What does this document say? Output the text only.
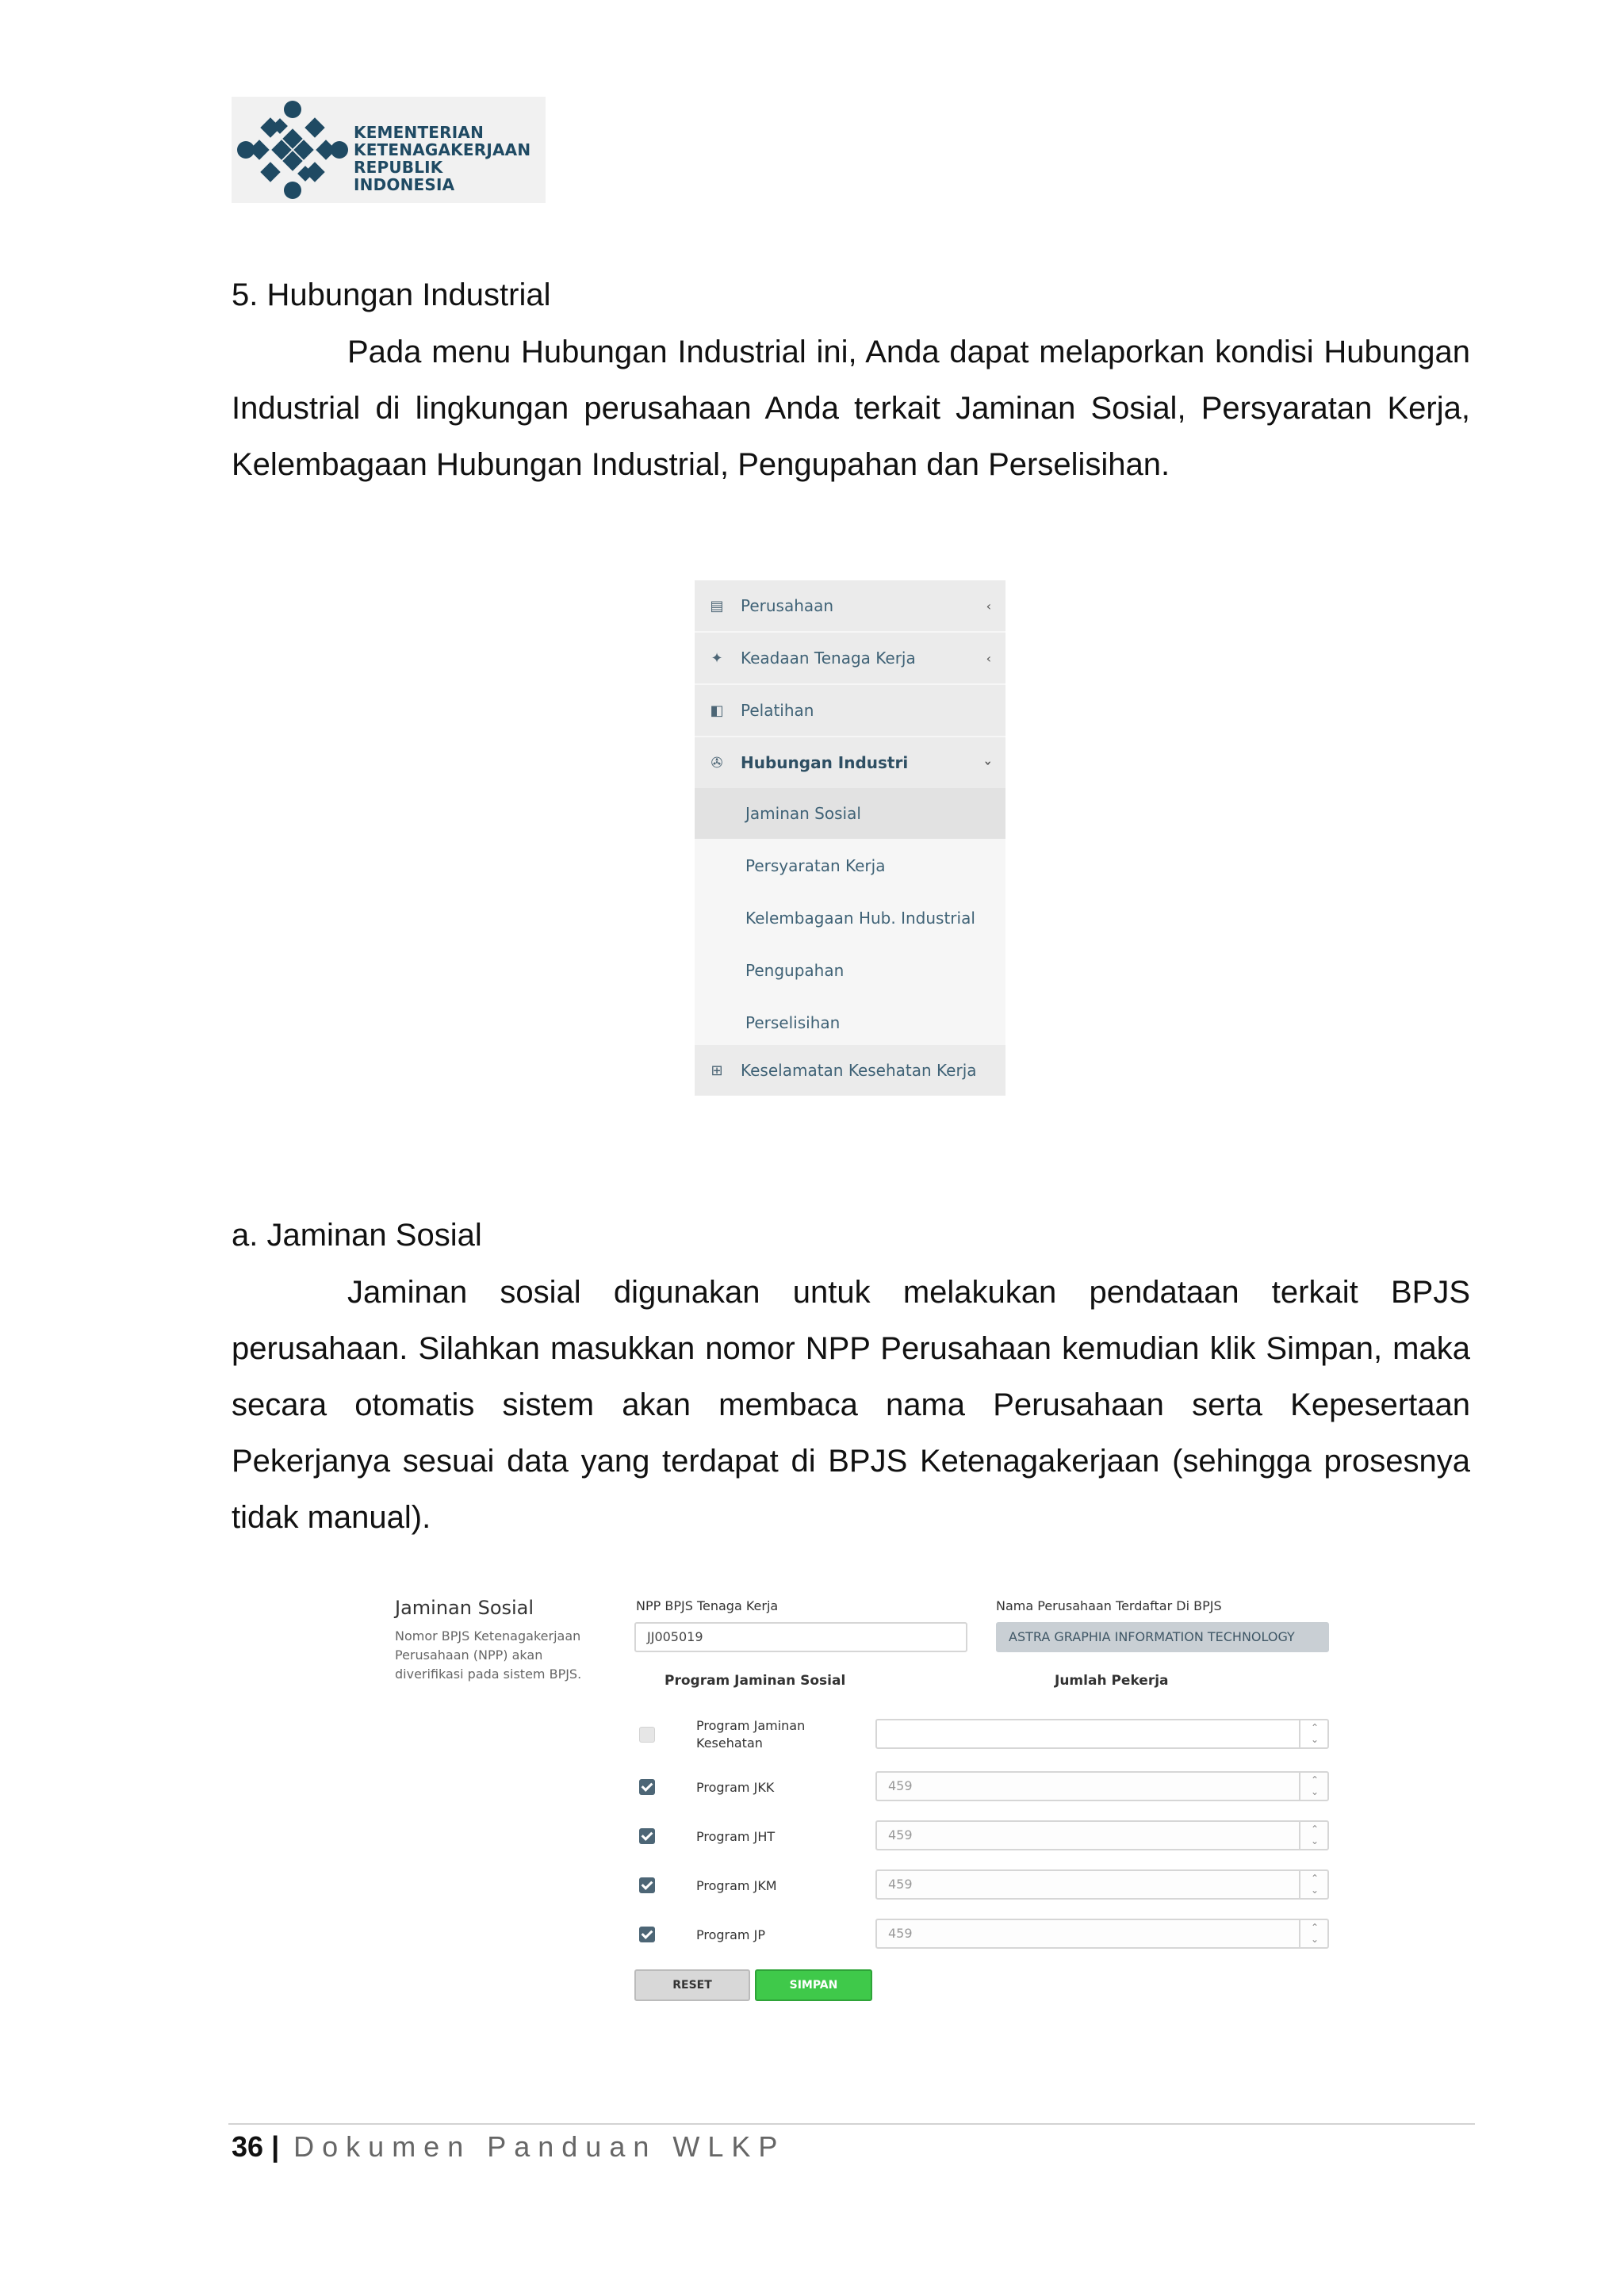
KEMENTERIAN
KETENAGAKERJAAN
REPUBLIK INDONESIA
5. Hubungan Industrial

Pada menu Hubungan Industrial ini, Anda dapat melaporkan kondisi Hubungan Industrial di lingkungan perusahaan Anda terkait Jaminan Sosial, Persyaratan Kerja, Kelembagaan Hubungan Industrial, Pengupahan dan Perselisihan.

▤ Perusahaan	‹
✦ Keadaan Tenaga Kerja	‹
◧ Pelatihan
✇ Hubungan Industri	›
Jaminan Sosial
Persyaratan Kerja
Kelembagaan Hub. Industrial
Pengupahan
Perselisihan
⊞ Keselamatan Kesehatan Kerja
a. Jaminan Sosial

Jaminan sosial digunakan untuk melakukan pendataan terkait BPJS perusahaan. Silahkan masukkan nomor NPP Perusahaan kemudian klik Simpan, maka secara otomatis sistem akan membaca nama Perusahaan serta Kepesertaan Pekerjanya sesuai data yang terdapat di BPJS Ketenagakerjaan (sehingga prosesnya tidak manual).

Jaminan Sosial
Nomor BPJS Ketenagakerjaan Perusahaan (NPP) akan diverifikasi pada sistem BPJS.
NPP BPJS Tenaga Kerja
JJ005019
Nama Perusahaan Terdaftar Di BPJS
ASTRA GRAPHIA INFORMATION TECHNOLOGY
Program Jaminan Sosial	Jumlah Pekerja
Program Jaminan Kesehatan
⌃
⌄
Program JKK	459	⌃
⌄
Program JHT	459	⌃
⌄
Program JKM	459	⌃
⌄
Program JP	459	⌃
⌄
RESET	SIMPAN
36 | Dokumen Panduan WLKP
